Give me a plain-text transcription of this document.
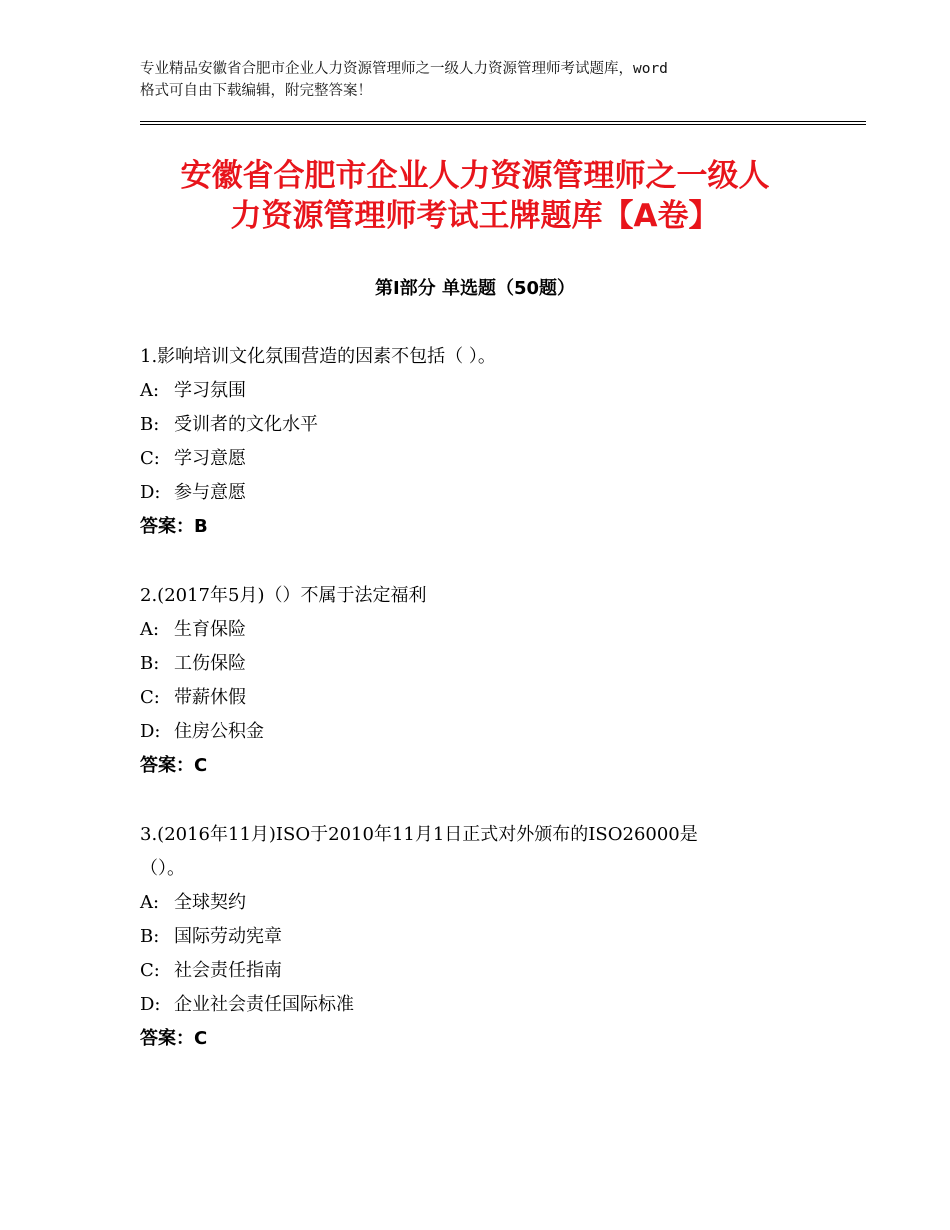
专业精品安徽省合肥市企业人力资源管理师之一级人力资源管理师考试题库，word
格式可自由下载编辑，附完整答案！
安徽省合肥市企业人力资源管理师之一级人
力资源管理师考试王牌题库【A卷】
第Ⅰ部分 单选题（50题）
1.影响培训文化氛围营造的因素不包括（ ）。
A: 学习氛围
B: 受训者的文化水平
C: 学习意愿
D: 参与意愿
答案：B
2.(2017年5月)（）不属于法定福利
A: 生育保险
B: 工伤保险
C: 带薪休假
D: 住房公积金
答案：C
3.(2016年11月)ISO于2010年11月1日正式对外颁布的ISO26000是
（）。
A: 全球契约
B: 国际劳动宪章
C: 社会责任指南
D: 企业社会责任国际标准
答案：C
